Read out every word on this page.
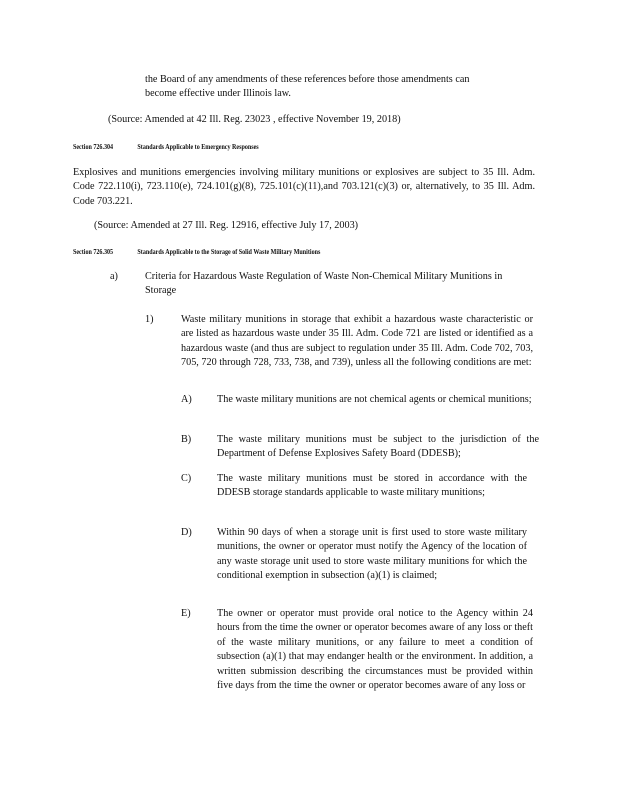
the Board of any amendments of these references before those amendments can
become effective under Illinois law.
(Source: Amended at 42 Ill. Reg. 23023 , effective November 19, 2018)
Section 726.304	Standards Applicable to Emergency Responses
Explosives and munitions emergencies involving military munitions or explosives are subject to 35 Ill. Adm. Code 722.110(i), 723.110(e), 724.101(g)(8), 725.101(c)(11),and 703.121(c)(3) or, alternatively, to 35 Ill. Adm. Code 703.221.
(Source: Amended at 27 Ill. Reg. 12916, effective July 17, 2003)
Section 726.305	Standards Applicable to the Storage of Solid Waste Military Munitions
a)	Criteria for Hazardous Waste Regulation of Waste Non-Chemical Military Munitions in Storage
1)	Waste military munitions in storage that exhibit a hazardous waste characteristic or are listed as hazardous waste under 35 Ill. Adm. Code 721 are listed or identified as a hazardous waste (and thus are subject to regulation under 35 Ill. Adm. Code 702, 703, 705, 720 through 728, 733, 738, and 739), unless all the following conditions are met:
A) The waste military munitions are not chemical agents or chemical munitions;
B)	The waste military munitions must be subject to the jurisdiction of the Department of Defense Explosives Safety Board (DDESB);
C)	The waste military munitions must be stored in accordance with the DDESB storage standards applicable to waste military munitions;
D) Within 90 days of when a storage unit is first used to store waste military munitions, the owner or operator must notify the Agency of the location of any waste storage unit used to store waste military munitions for which the conditional exemption in subsection (a)(1) is claimed;
E)	The owner or operator must provide oral notice to the Agency within 24 hours from the time the owner or operator becomes aware of any loss or theft of the waste military munitions, or any failure to meet a condition of subsection (a)(1) that may endanger health or the environment. In addition, a written submission describing the circumstances must be provided within five days from the time the owner or operator becomes aware of any loss or
